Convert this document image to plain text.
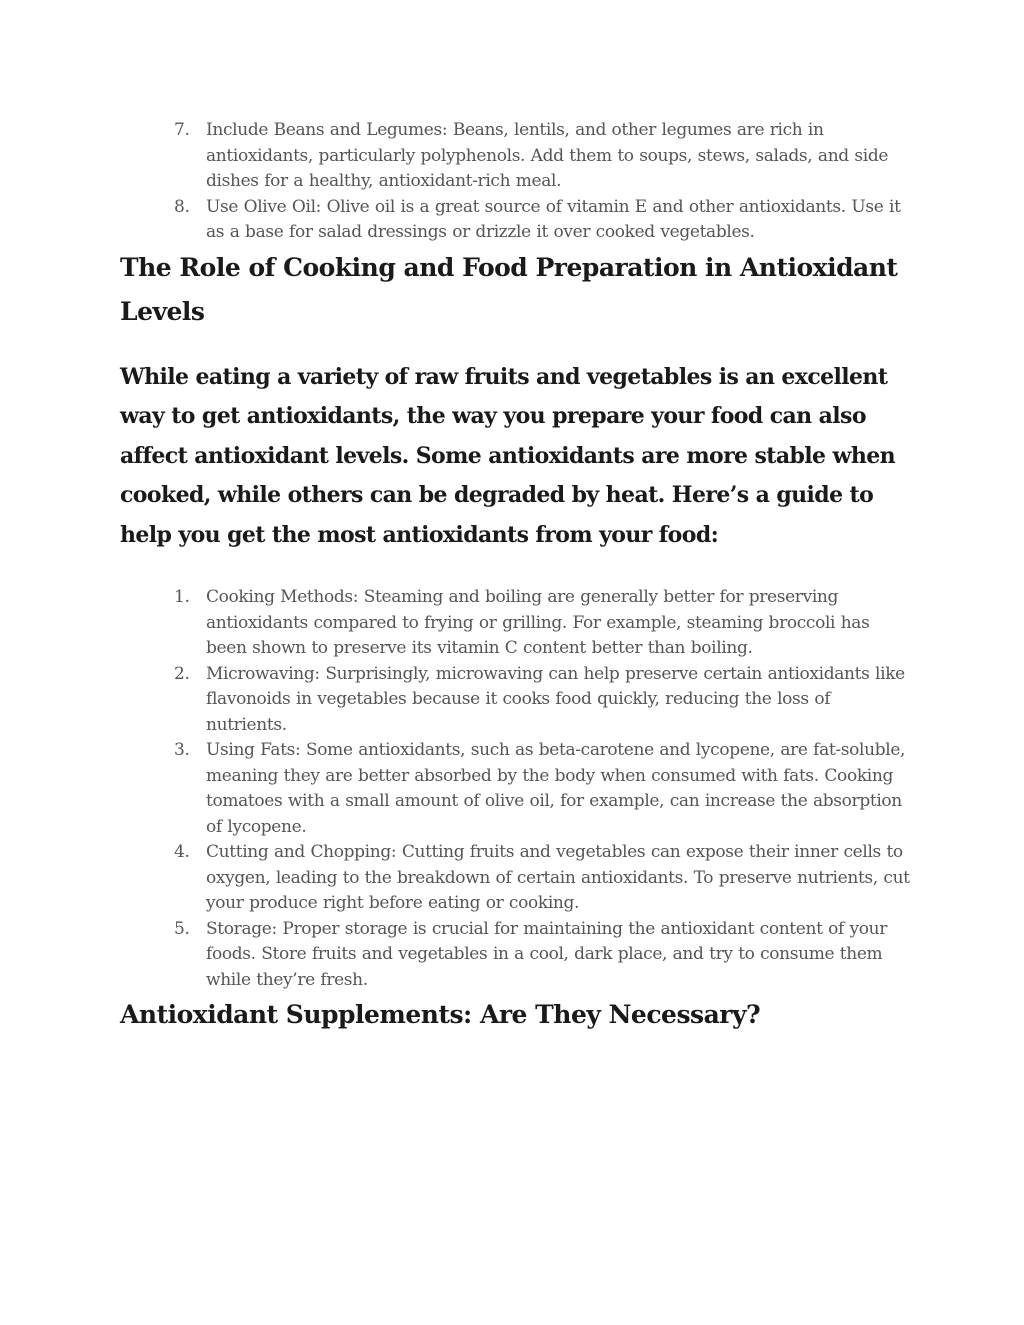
7. Include Beans and Legumes: Beans, lentils, and other legumes are rich in antioxidants, particularly polyphenols. Add them to soups, stews, salads, and side dishes for a healthy, antioxidant-rich meal.
8. Use Olive Oil: Olive oil is a great source of vitamin E and other antioxidants. Use it as a base for salad dressings or drizzle it over cooked vegetables.
The Role of Cooking and Food Preparation in Antioxidant Levels

While eating a variety of raw fruits and vegetables is an excellent way to get antioxidants, the way you prepare your food can also affect antioxidant levels. Some antioxidants are more stable when cooked, while others can be degraded by heat. Here’s a guide to help you get the most antioxidants from your food:

1. Cooking Methods: Steaming and boiling are generally better for preserving antioxidants compared to frying or grilling. For example, steaming broccoli has been shown to preserve its vitamin C content better than boiling.
2. Microwaving: Surprisingly, microwaving can help preserve certain antioxidants like flavonoids in vegetables because it cooks food quickly, reducing the loss of nutrients.
3. Using Fats: Some antioxidants, such as beta-carotene and lycopene, are fat-soluble, meaning they are better absorbed by the body when consumed with fats. Cooking tomatoes with a small amount of olive oil, for example, can increase the absorption of lycopene.
4. Cutting and Chopping: Cutting fruits and vegetables can expose their inner cells to oxygen, leading to the breakdown of certain antioxidants. To preserve nutrients, cut your produce right before eating or cooking.
5. Storage: Proper storage is crucial for maintaining the antioxidant content of your foods. Store fruits and vegetables in a cool, dark place, and try to consume them while they’re fresh.
Antioxidant Supplements: Are They Necessary?
